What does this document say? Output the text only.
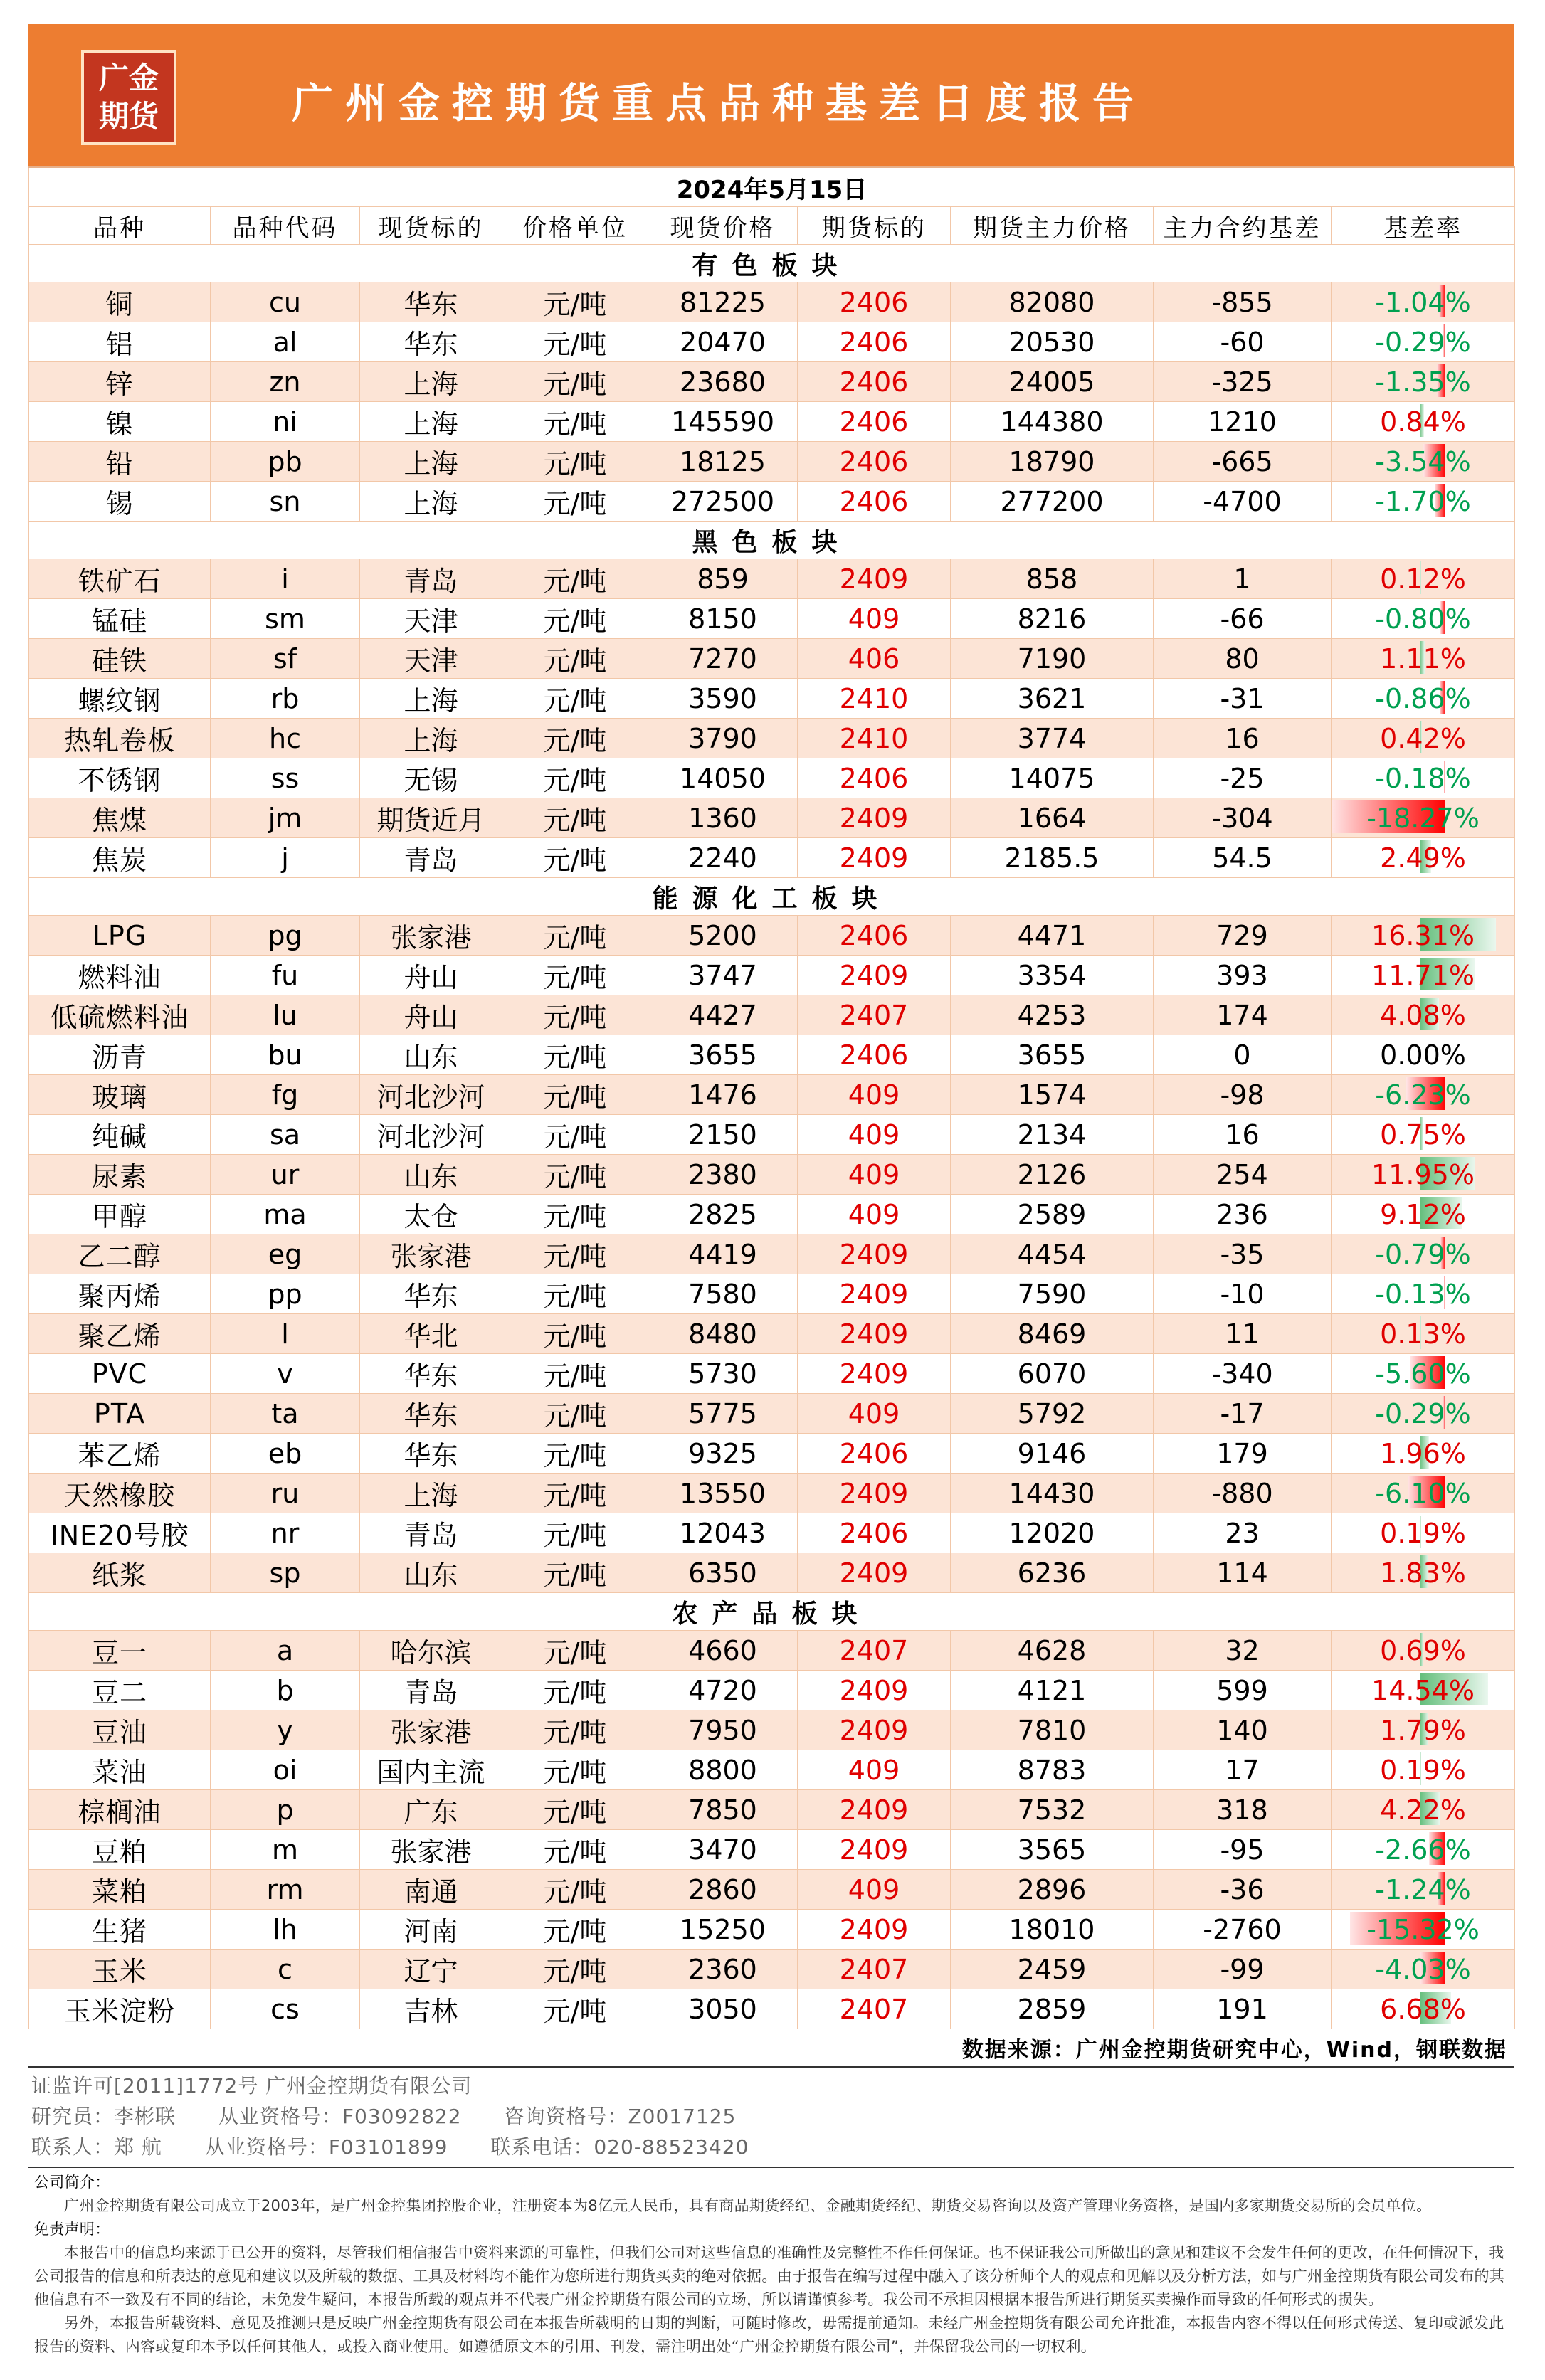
广金
期货	广州金控期货重点品种基差日度报告
2024年5月15日								
品种	品种代码	现货标的	价格单位	现货价格	期货标的	期货主力价格	主力合约基差	基差率
有色板块								
铜	cu	华东	元/吨	81225	2406	82080	-855	-1.04%
铝	al	华东	元/吨	20470	2406	20530	-60	-0.29%
锌	zn	上海	元/吨	23680	2406	24005	-325	-1.35%
镍	ni	上海	元/吨	145590	2406	144380	1210	0.84%
铅	pb	上海	元/吨	18125	2406	18790	-665	-3.54%
锡	sn	上海	元/吨	272500	2406	277200	-4700	-1.70%
黑色板块								
铁矿石	i	青岛	元/吨	859	2409	858	1	0.12%
锰硅	sm	天津	元/吨	8150	409	8216	-66	-0.80%
硅铁	sf	天津	元/吨	7270	406	7190	80	1.11%
螺纹钢	rb	上海	元/吨	3590	2410	3621	-31	-0.86%
热轧卷板	hc	上海	元/吨	3790	2410	3774	16	0.42%
不锈钢	ss	无锡	元/吨	14050	2406	14075	-25	-0.18%
焦煤	jm	期货近月	元/吨	1360	2409	1664	-304	-18.27%
焦炭	j	青岛	元/吨	2240	2409	2185.5	54.5	2.49%
能源化工板块								
LPG	pg	张家港	元/吨	5200	2406	4471	729	16.31%
燃料油	fu	舟山	元/吨	3747	2409	3354	393	11.71%
低硫燃料油	lu	舟山	元/吨	4427	2407	4253	174	4.08%
沥青	bu	山东	元/吨	3655	2406	3655	0	0.00%
玻璃	fg	河北沙河	元/吨	1476	409	1574	-98	-6.23%
纯碱	sa	河北沙河	元/吨	2150	409	2134	16	0.75%
尿素	ur	山东	元/吨	2380	409	2126	254	11.95%
甲醇	ma	太仓	元/吨	2825	409	2589	236	9.12%
乙二醇	eg	张家港	元/吨	4419	2409	4454	-35	-0.79%
聚丙烯	pp	华东	元/吨	7580	2409	7590	-10	-0.13%
聚乙烯	l	华北	元/吨	8480	2409	8469	11	0.13%
PVC	v	华东	元/吨	5730	2409	6070	-340	-5.60%
PTA	ta	华东	元/吨	5775	409	5792	-17	-0.29%
苯乙烯	eb	华东	元/吨	9325	2406	9146	179	1.96%
天然橡胶	ru	上海	元/吨	13550	2409	14430	-880	-6.10%
INE20号胶	nr	青岛	元/吨	12043	2406	12020	23	0.19%
纸浆	sp	山东	元/吨	6350	2409	6236	114	1.83%
农产品板块								
豆一	a	哈尔滨	元/吨	4660	2407	4628	32	0.69%
豆二	b	青岛	元/吨	4720	2409	4121	599	14.54%
豆油	y	张家港	元/吨	7950	2409	7810	140	1.79%
菜油	oi	国内主流	元/吨	8800	409	8783	17	0.19%
棕榈油	p	广东	元/吨	7850	2409	7532	318	4.22%
豆粕	m	张家港	元/吨	3470	2409	3565	-95	-2.66%
菜粕	rm	南通	元/吨	2860	409	2896	-36	-1.24%
生猪	lh	河南	元/吨	15250	2409	18010	-2760	-15.32%
玉米	c	辽宁	元/吨	2360	2407	2459	-99	-4.03%
玉米淀粉	cs	吉林	元/吨	3050	2407	2859	191	6.68%
数据来源：广州金控期货研究中心，Wind，钢联数据
证监许可[2011]1772号 广州金控期货有限公司
研究员：李彬联 从业资格号：F03092822 咨询资格号：Z0017125
联系人：郑 航 从业资格号：F03101899 联系电话：020-88523420
公司简介：

广州金控期货有限公司成立于2003年，是广州金控集团控股企业，注册资本为8亿元人民币，具有商品期货经纪、金融期货经纪、期货交易咨询以及资产管理业务资格，是国内多家期货交易所的会员单位。

免责声明：

本报告中的信息均来源于已公开的资料，尽管我们相信报告中资料来源的可靠性，但我们公司对这些信息的准确性及完整性不作任何保证。也不保证我公司所做出的意见和建议不会发生任何的更改，在任何情况下，我公司报告的信息和所表达的意见和建议以及所载的数据、工具及材料均不能作为您所进行期货买卖的绝对依据。由于报告在编写过程中融入了该分析师个人的观点和见解以及分析方法，如与广州金控期货有限公司发布的其他信息有不一致及有不同的结论，未免发生疑问，本报告所载的观点并不代表广州金控期货有限公司的立场，所以请谨慎参考。我公司不承担因根据本报告所进行期货买卖操作而导致的任何形式的损失。

另外，本报告所载资料、意见及推测只是反映广州金控期货有限公司在本报告所载明的日期的判断，可随时修改，毋需提前通知。未经广州金控期货有限公司允许批准，本报告内容不得以任何形式传送、复印或派发此报告的资料、内容或复印本予以任何其他人，或投入商业使用。如遵循原文本的引用、刊发，需注明出处“广州金控期货有限公司”，并保留我公司的一切权利。
